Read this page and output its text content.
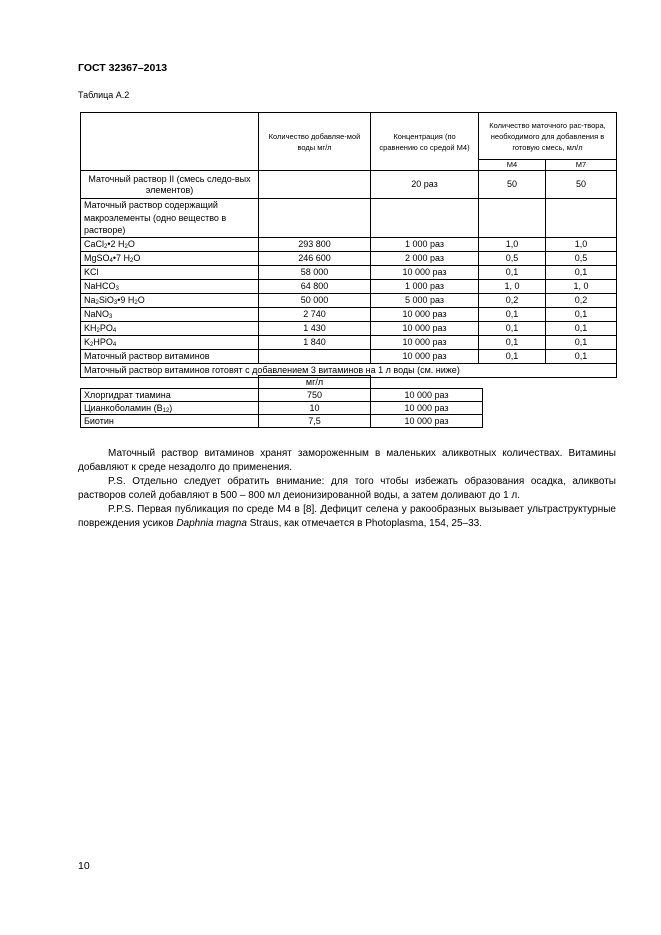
ГОСТ 32367–2013
Таблица А.2
	Количество добавляе-мой воды мг/л	Концентрация (по сравнению со средой М4)	Количество маточного рас-твора, необходимого для добавления в готовую смесь, мл/л	
			М4	М7
Маточный раствор II (смесь следо-вых элементов)		20 раз	50	50
Маточный раствор содержащий макроэлементы (одно вещество в растворе)				
CaCl$_2$•2 $H_2O$	293 800	1 000 раз	1,0	1,0
MgSO$_4$•7 $H_2O$	246 600	2 000 раз	0,5	0,5
KCl	58 000	10 000 раз	0,1	0,1
NaHCO$_3$	64 800	1 000 раз	1, 0	1, 0
$Na_2SiO_3•9$ $H_2O$	50 000	5 000 раз	0,2	0,2
NaNO$_3$	2 740	10 000 раз	0,1	0,1
$KH_2PO_4$	1 430	10 000 раз	0,1	0,1
$K_2HPO_4$	1 840	10 000 раз	0,1	0,1
Маточный раствор витаминов		10 000 раз	0,1	0,1
Маточный раствор витаминов готовят с добавлением 3 витаминов на 1 л воды (см. ниже)				
	мг/л	
Хлоргидрат тиамина	750	10 000 раз
Цианкоболамин $(В_{12})$	10	10 000 раз
Биотин	7,5	10 000 раз
Маточный раствор витаминов хранят замороженным в маленьких аликвотных количествах. Витамины добавляют к среде незадолго до применения.
P.S. Отдельно следует обратить внимание: для того чтобы избежать образования осадка, аликвоты растворов солей добавляют в 500 – 800 мл деионизированной воды, а затем доливают до 1 л.
P.P.S. Первая публикация по среде М4 в [8]. Дефицит селена у ракообразных вызывает ультраструктурные повреждения усиков Daphnia magna Straus, как отмечается в Photoplasma, 154, 25–33.
10
